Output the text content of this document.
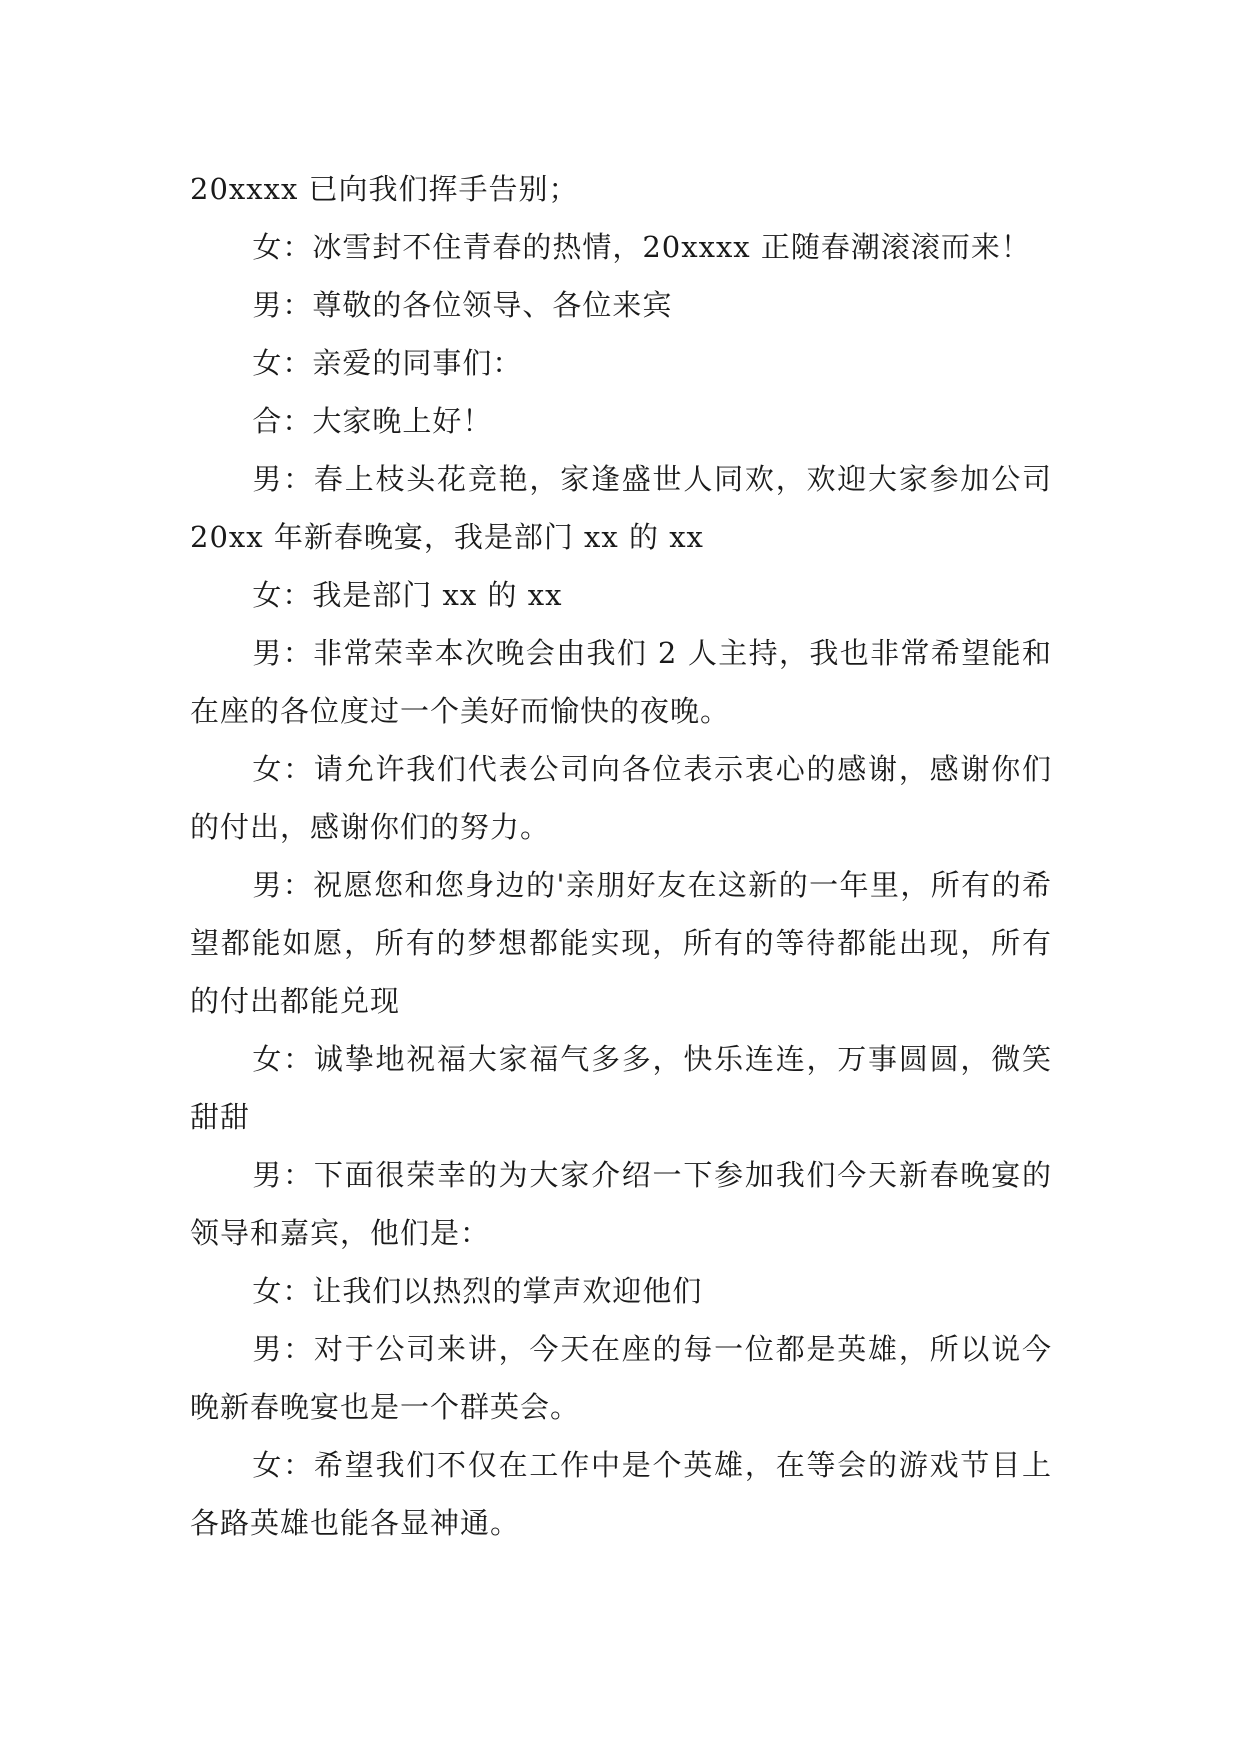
20xxxx 已向我们挥手告别；

女：冰雪封不住青春的热情，20xxxx 正随春潮滚滚而来！

男：尊敬的各位领导、各位来宾

女：亲爱的同事们：

合：大家晚上好！

男：春上枝头花竞艳，家逢盛世人同欢，欢迎大家参加公司 20xx 年新春晚宴，我是部门 xx 的 xx

女：我是部门 xx 的 xx

男：非常荣幸本次晚会由我们 2 人主持，我也非常希望能和在座的各位度过一个美好而愉快的夜晚。

女：请允许我们代表公司向各位表示衷心的感谢，感谢你们的付出，感谢你们的努力。

男：祝愿您和您身边的'亲朋好友在这新的一年里，所有的希望都能如愿，所有的梦想都能实现，所有的等待都能出现，所有的付出都能兑现

女：诚挚地祝福大家福气多多，快乐连连，万事圆圆，微笑甜甜

男：下面很荣幸的为大家介绍一下参加我们今天新春晚宴的领导和嘉宾，他们是：

女：让我们以热烈的掌声欢迎他们

男：对于公司来讲，今天在座的每一位都是英雄，所以说今晚新春晚宴也是一个群英会。

女：希望我们不仅在工作中是个英雄，在等会的游戏节目上各路英雄也能各显神通。
